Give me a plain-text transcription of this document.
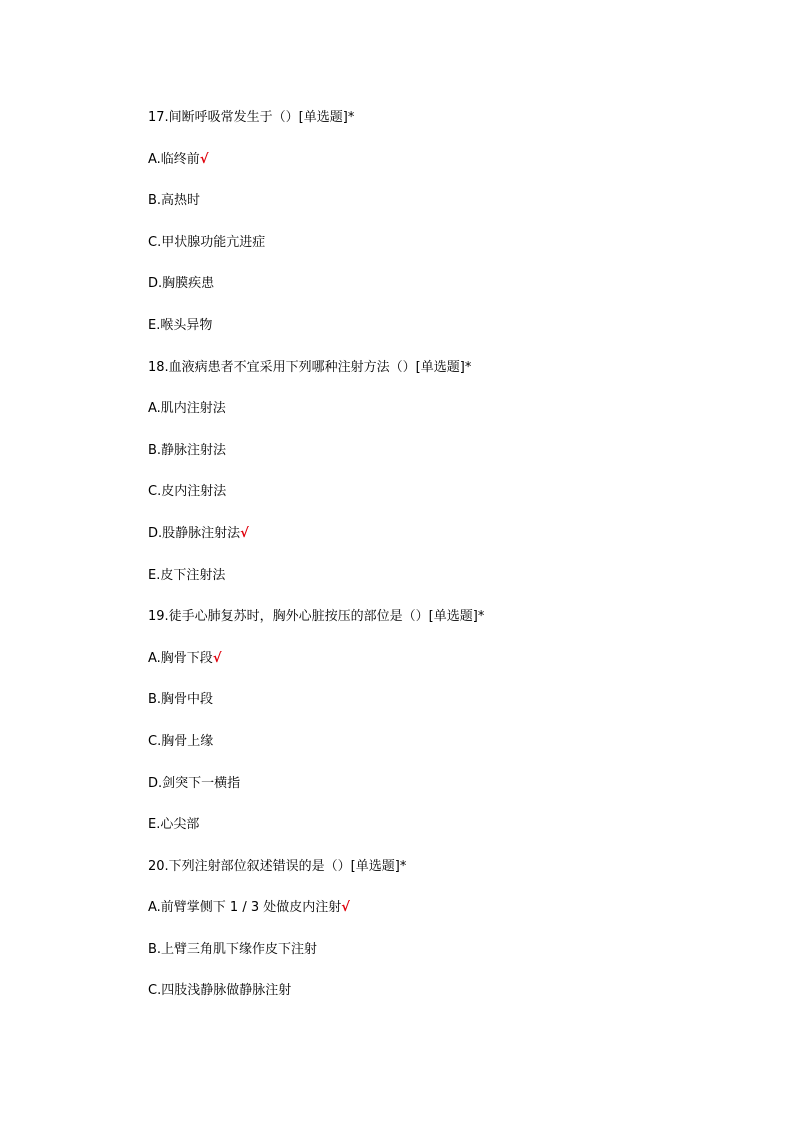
17.间断呼吸常发生于（）[单选题]*
A.临终前√
B.高热时
C.甲状腺功能亢进症
D.胸膜疾患
E.喉头异物
18.血液病患者不宜采用下列哪种注射方法（）[单选题]*
A.肌内注射法
B.静脉注射法
C.皮内注射法
D.股静脉注射法√
E.皮下注射法
19.徒手心肺复苏时，胸外心脏按压的部位是（）[单选题]*
A.胸骨下段√
B.胸骨中段
C.胸骨上缘
D.剑突下一横指
E.心尖部
20.下列注射部位叙述错误的是（）[单选题]*
A.前臂掌侧下 1 / 3 处做皮内注射√
B.上臂三角肌下缘作皮下注射
C.四肢浅静脉做静脉注射
